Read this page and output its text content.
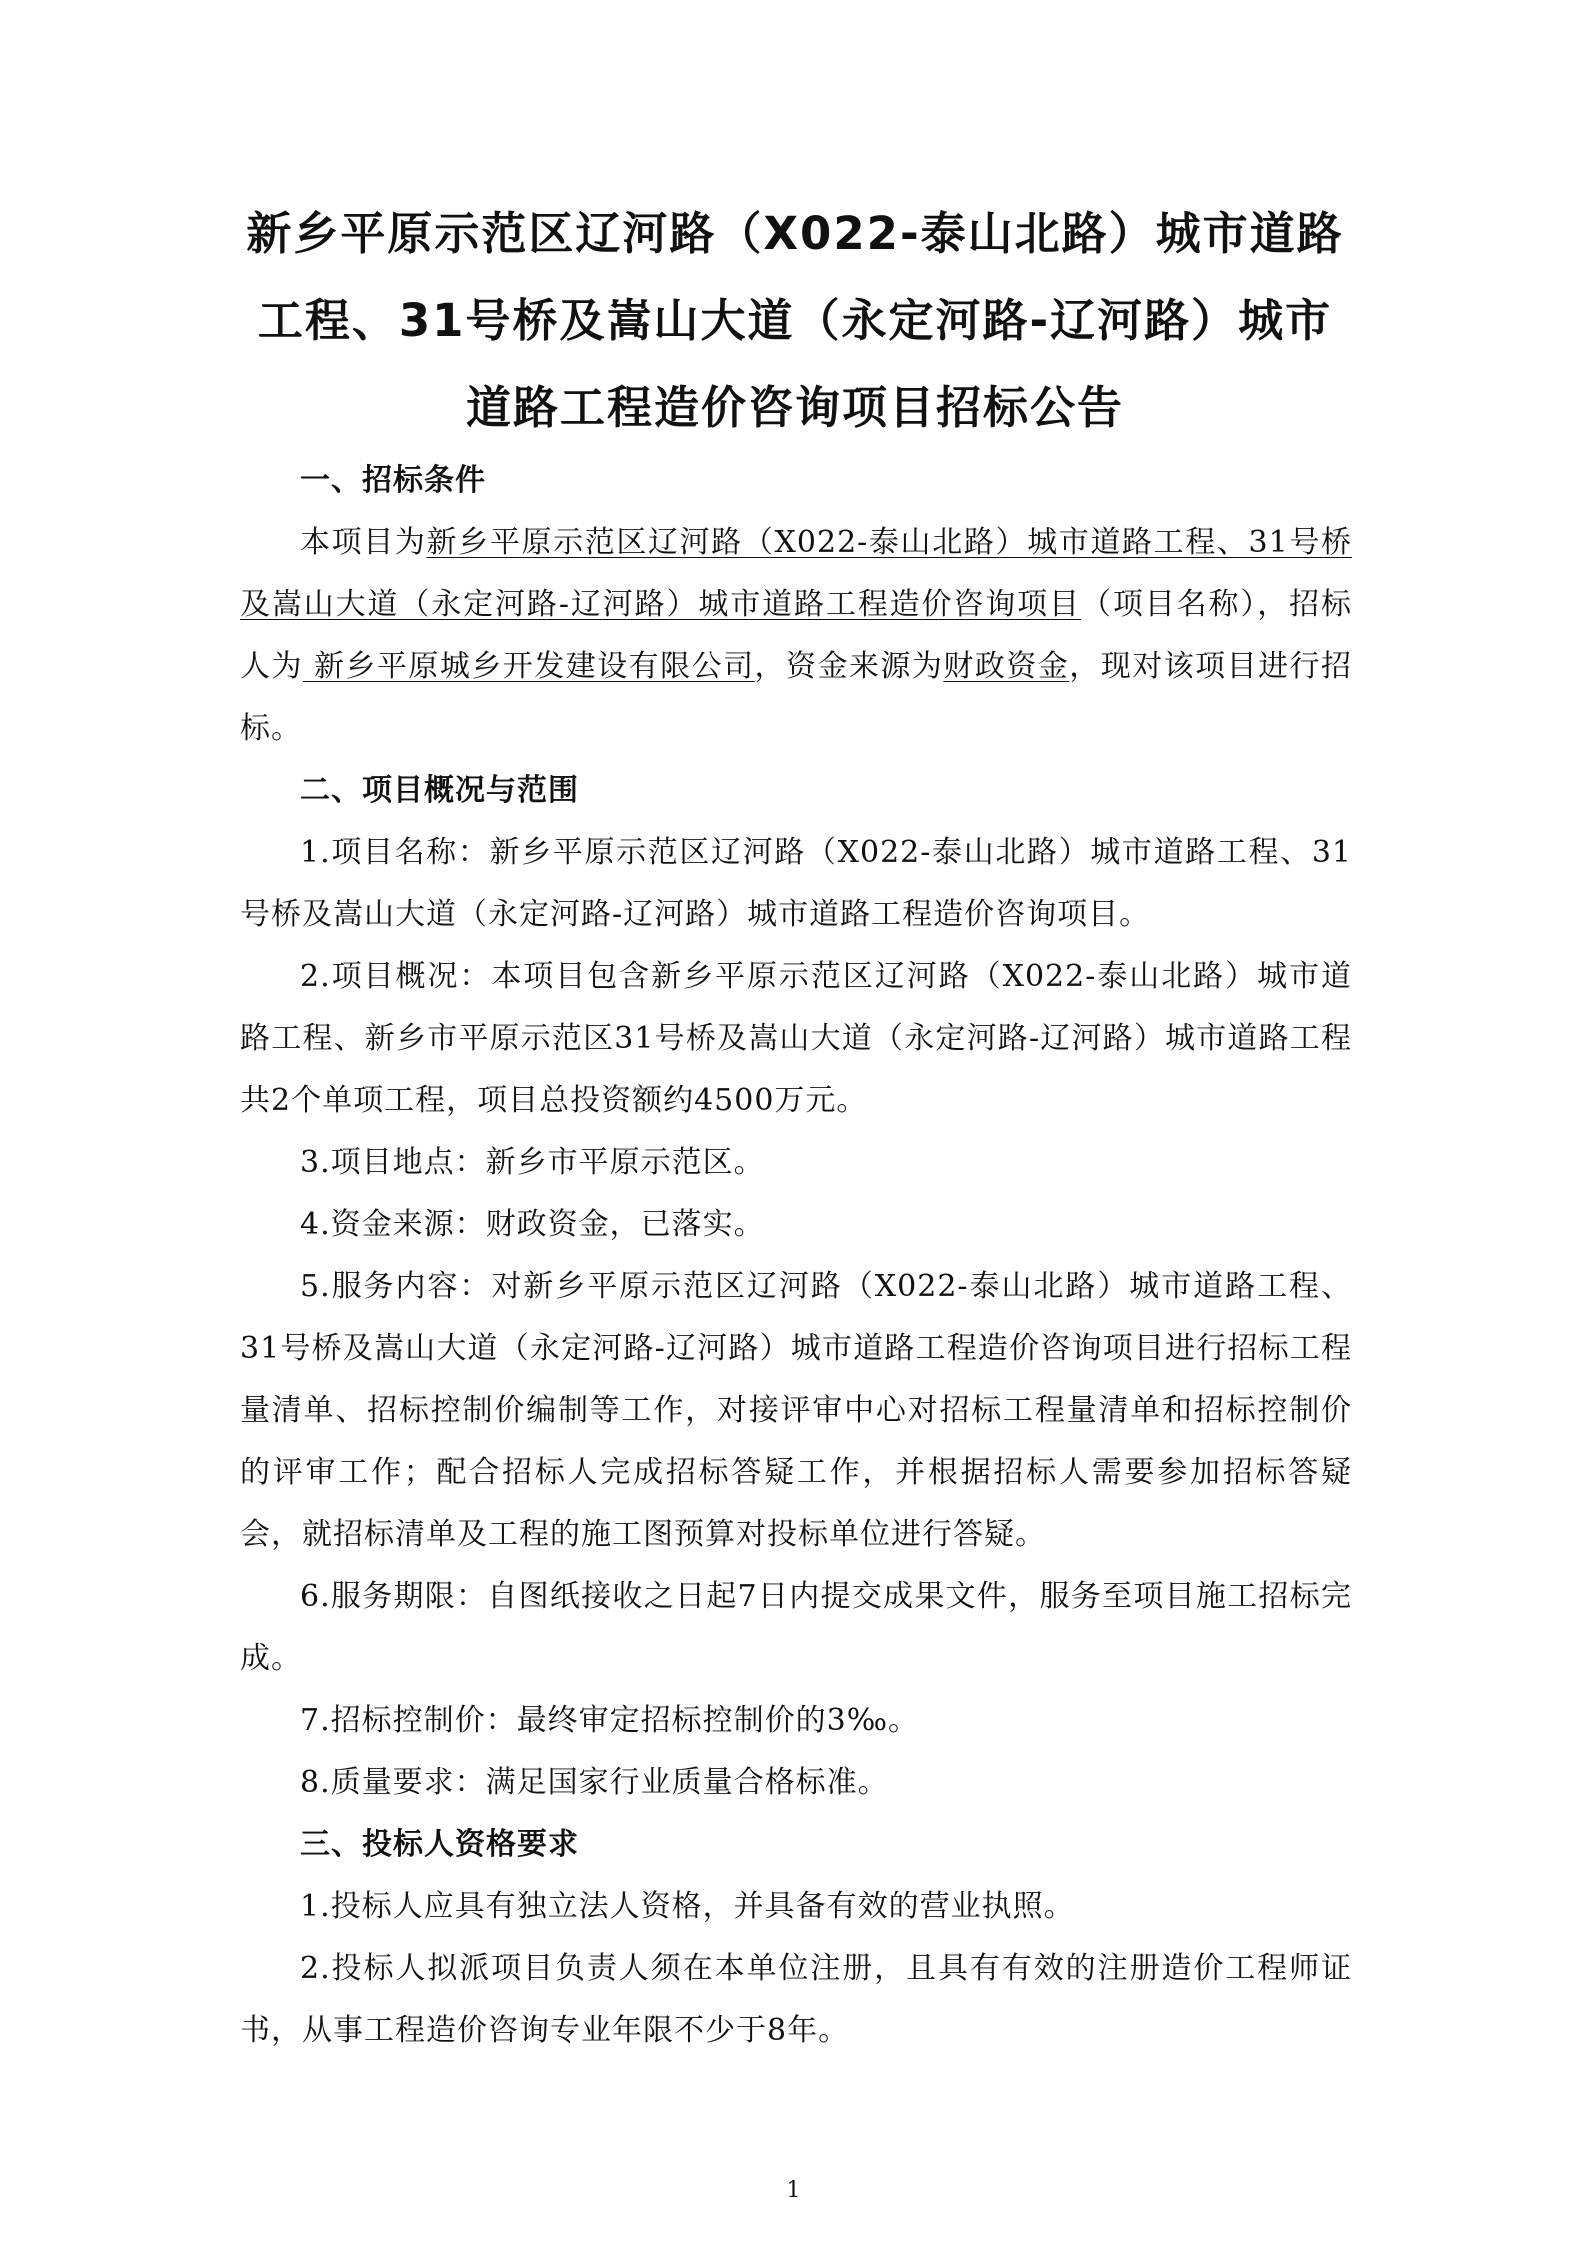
新乡平原示范区辽河路（X022-泰山北路）城市道路
工程、31号桥及嵩山大道（永定河路-辽河路）城市
道路工程造价咨询项目招标公告
一、招标条件

本项目为新乡平原示范区辽河路（X022-泰山北路）城市道路工程、31号桥及嵩山大道（永定河路-辽河路）城市道路工程造价咨询项目（项目名称），招标人为 新乡平原城乡开发建设有限公司，资金来源为财政资金，现对该项目进行招标。

二、项目概况与范围

1.项目名称：新乡平原示范区辽河路（X022-泰山北路）城市道路工程、31号桥及嵩山大道（永定河路-辽河路）城市道路工程造价咨询项目。

2.项目概况：本项目包含新乡平原示范区辽河路（X022-泰山北路）城市道路工程、新乡市平原示范区31号桥及嵩山大道（永定河路-辽河路）城市道路工程共2个单项工程，项目总投资额约4500万元。

3.项目地点：新乡市平原示范区。

4.资金来源：财政资金，已落实。

5.服务内容：对新乡平原示范区辽河路（X022-泰山北路）城市道路工程、31号桥及嵩山大道（永定河路-辽河路）城市道路工程造价咨询项目进行招标工程量清单、招标控制价编制等工作，对接评审中心对招标工程量清单和招标控制价的评审工作；配合招标人完成招标答疑工作，并根据招标人需要参加招标答疑会，就招标清单及工程的施工图预算对投标单位进行答疑。

6.服务期限：自图纸接收之日起7日内提交成果文件，服务至项目施工招标完成。

7.招标控制价：最终审定招标控制价的3‰。

8.质量要求：满足国家行业质量合格标准。

三、投标人资格要求

1.投标人应具有独立法人资格，并具备有效的营业执照。

2.投标人拟派项目负责人须在本单位注册，且具有有效的注册造价工程师证书，从事工程造价咨询专业年限不少于8年。

1
